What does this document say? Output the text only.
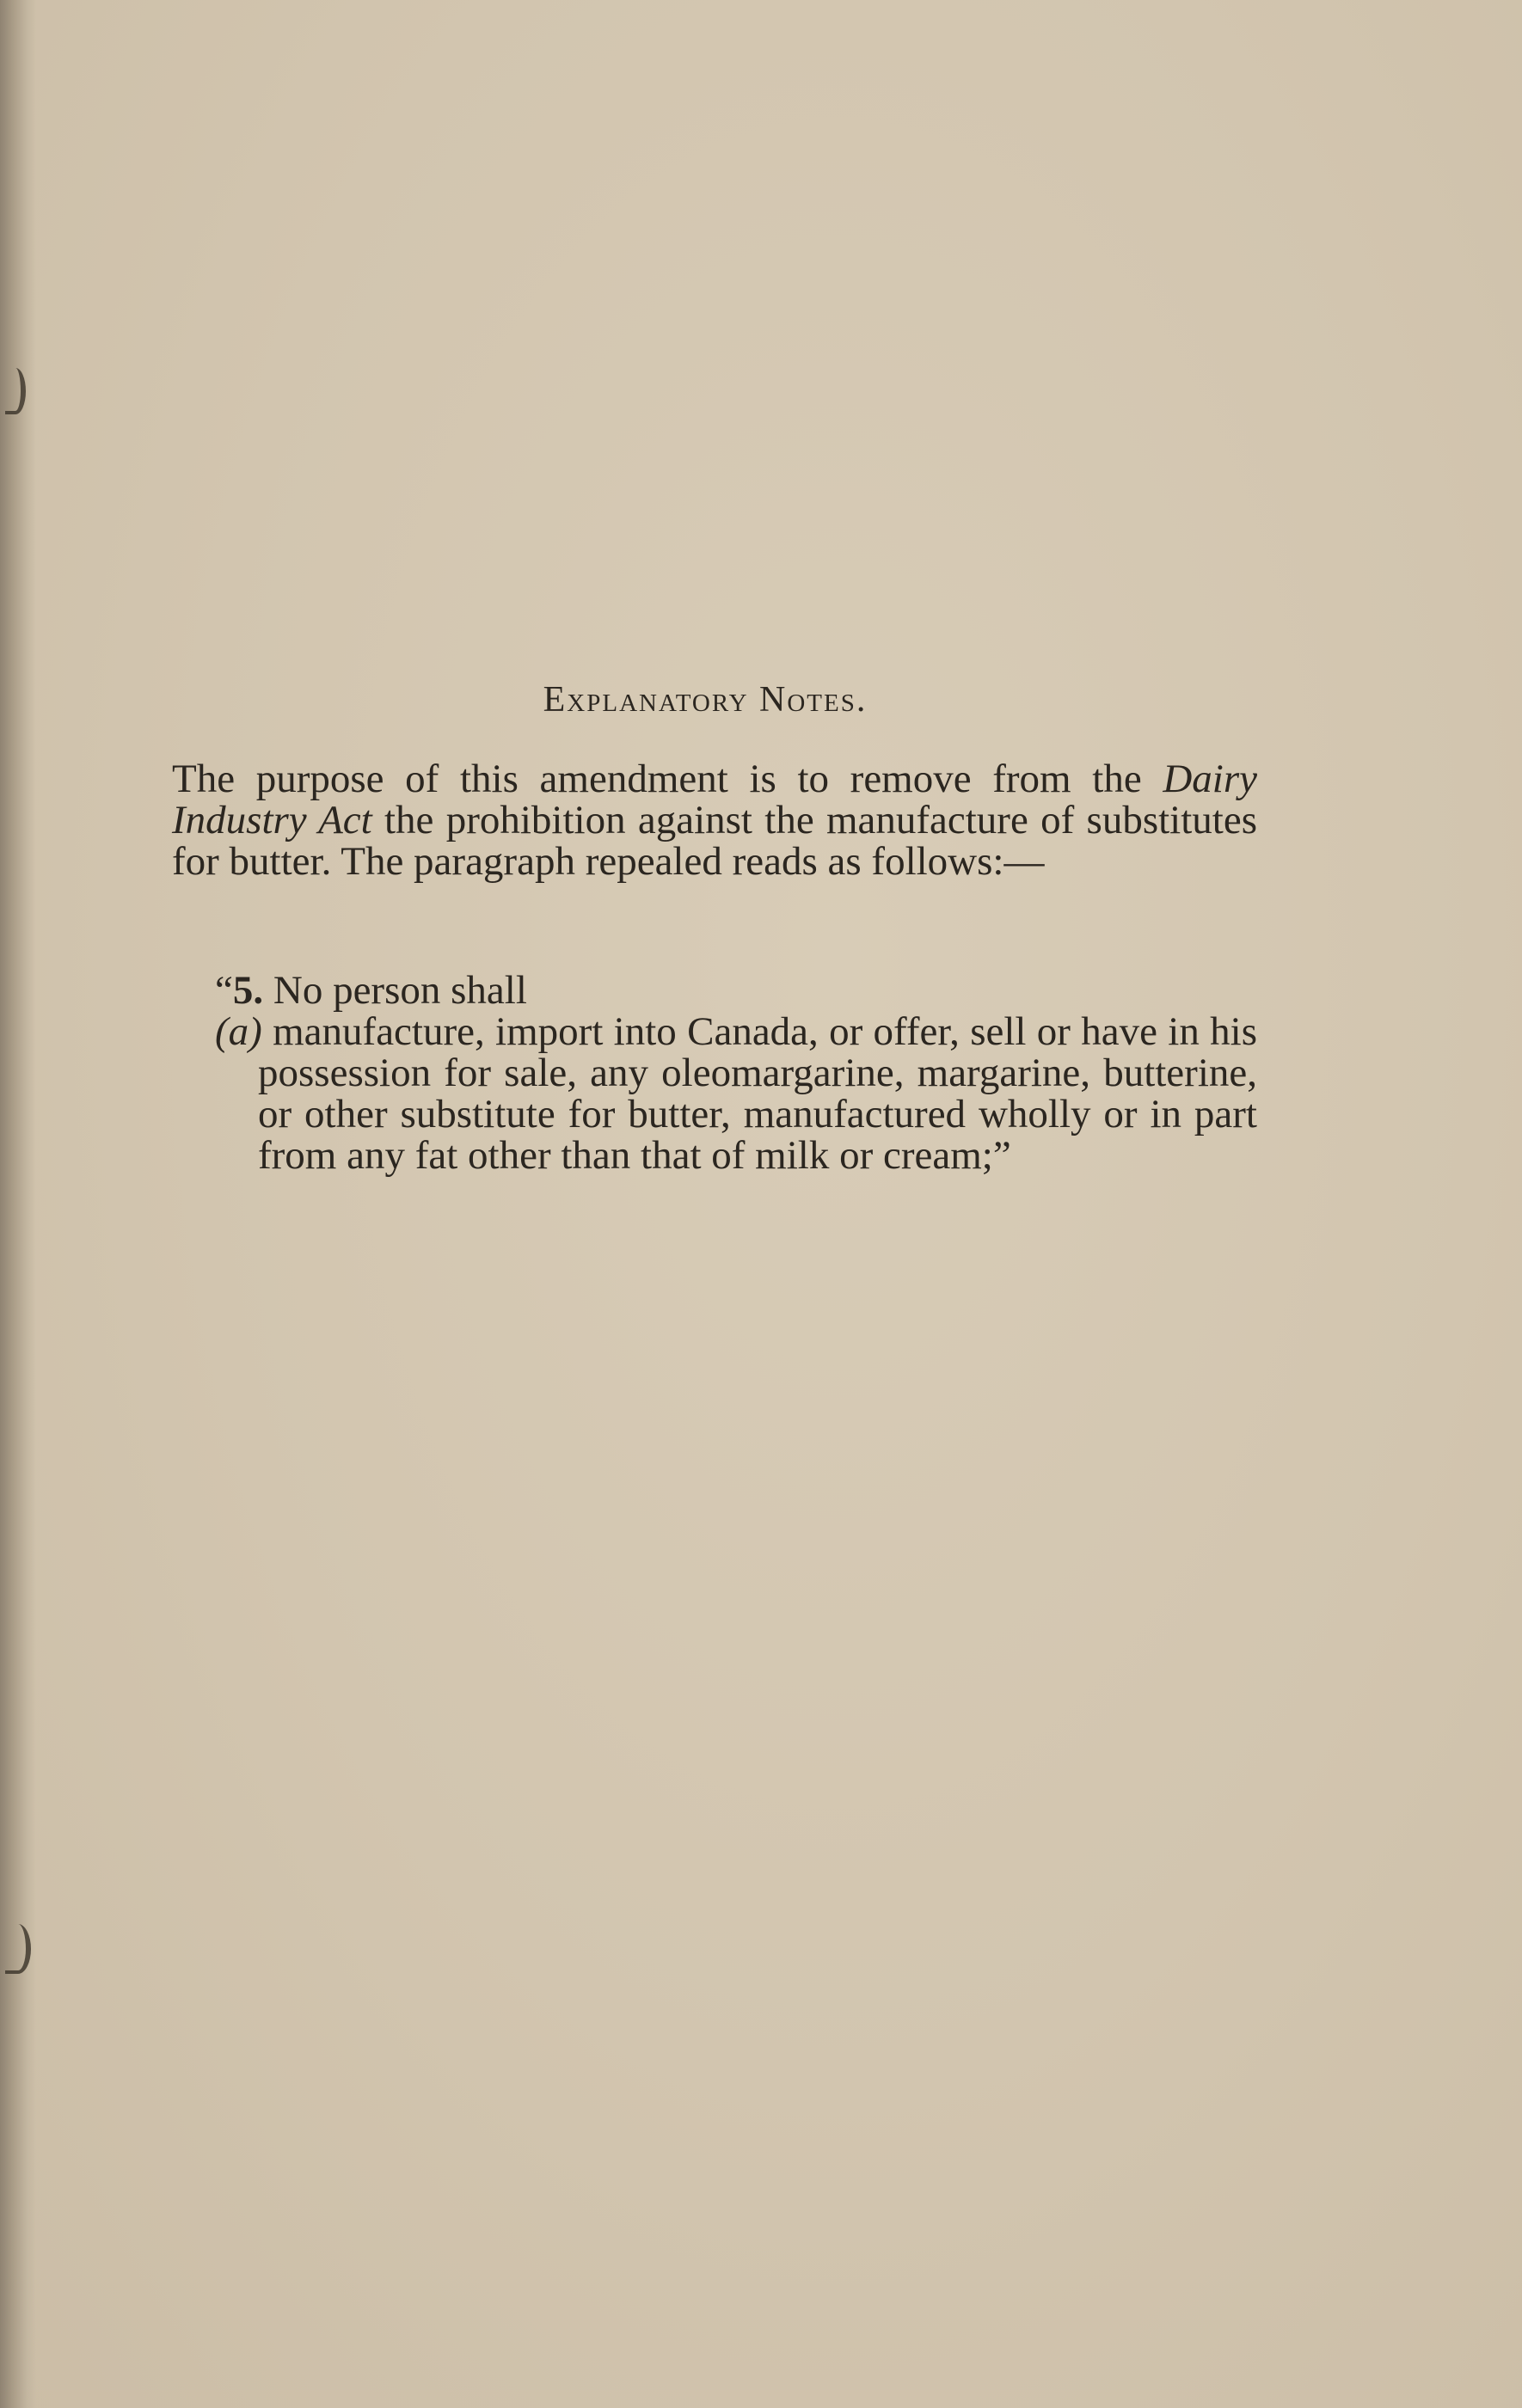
Explanatory Notes.
The purpose of this amendment is to remove from the Dairy Industry Act the prohibition against the manufacture of substitutes for butter. The paragraph repealed reads as follows:—

“5. No person shall

(a) manufacture, import into Canada, or offer, sell or have in his possession for sale, any oleomargarine, margarine, butterine, or other substitute for butter, manufactured wholly or in part from any fat other than that of milk or cream;”
